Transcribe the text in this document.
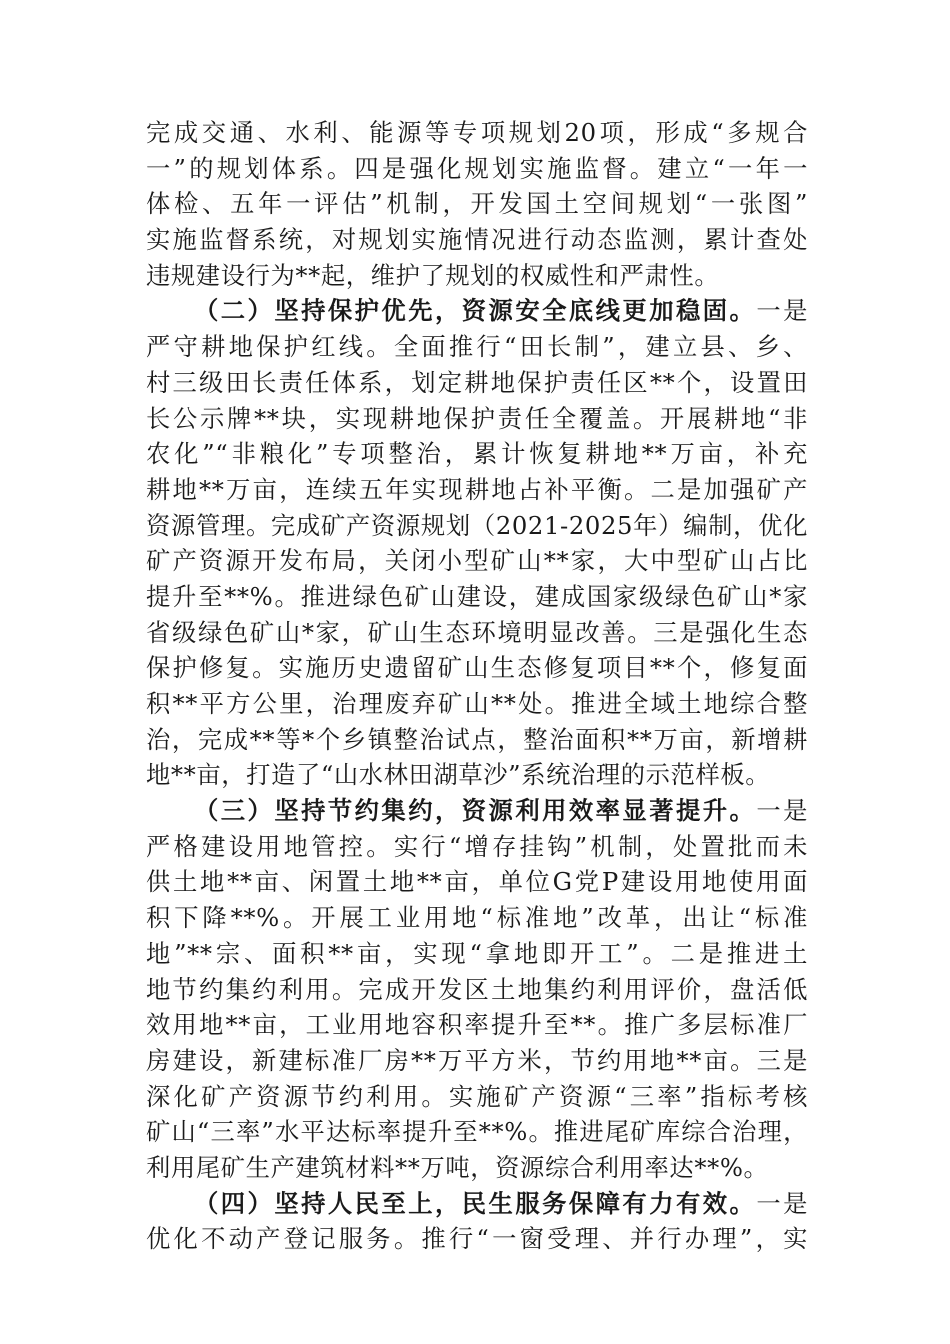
完成交通、水利、能源等专项规划20项，形成“多规合
一”的规划体系。四是强化规划实施监督。建立“一年一
体检、五年一评估”机制，开发国土空间规划“一张图”
实施监督系统，对规划实施情况进行动态监测，累计查处
违规建设行为**起，维护了规划的权威性和严肃性。
（二）坚持保护优先，资源安全底线更加稳固。一是
严守耕地保护红线。全面推行“田长制”，建立县、乡、
村三级田长责任体系，划定耕地保护责任区**个，设置田
长公示牌**块，实现耕地保护责任全覆盖。开展耕地“非
农化”“非粮化”专项整治，累计恢复耕地**万亩，补充
耕地**万亩，连续五年实现耕地占补平衡。二是加强矿产
资源管理。完成矿产资源规划（2021-2025年）编制，优化
矿产资源开发布局，关闭小型矿山**家，大中型矿山占比
提升至**%。推进绿色矿山建设，建成国家级绿色矿山*家
省级绿色矿山*家，矿山生态环境明显改善。三是强化生态
保护修复。实施历史遗留矿山生态修复项目**个，修复面
积**平方公里，治理废弃矿山**处。推进全域土地综合整
治，完成**等*个乡镇整治试点，整治面积**万亩，新增耕
地**亩，打造了“山水林田湖草沙”系统治理的示范样板。
（三）坚持节约集约，资源利用效率显著提升。一是
严格建设用地管控。实行“增存挂钩”机制，处置批而未
供土地**亩、闲置土地**亩，单位G党P建设用地使用面
积下降**%。开展工业用地“标准地”改革，出让“标准
地”**宗、面积**亩，实现“拿地即开工”。二是推进土
地节约集约利用。完成开发区土地集约利用评价，盘活低
效用地**亩，工业用地容积率提升至**。推广多层标准厂
房建设，新建标准厂房**万平方米，节约用地**亩。三是
深化矿产资源节约利用。实施矿产资源“三率”指标考核
矿山“三率”水平达标率提升至**%。推进尾矿库综合治理，
利用尾矿生产建筑材料**万吨，资源综合利用率达**%。
（四）坚持人民至上，民生服务保障有力有效。一是
优化不动产登记服务。推行“一窗受理、并行办理”，实
